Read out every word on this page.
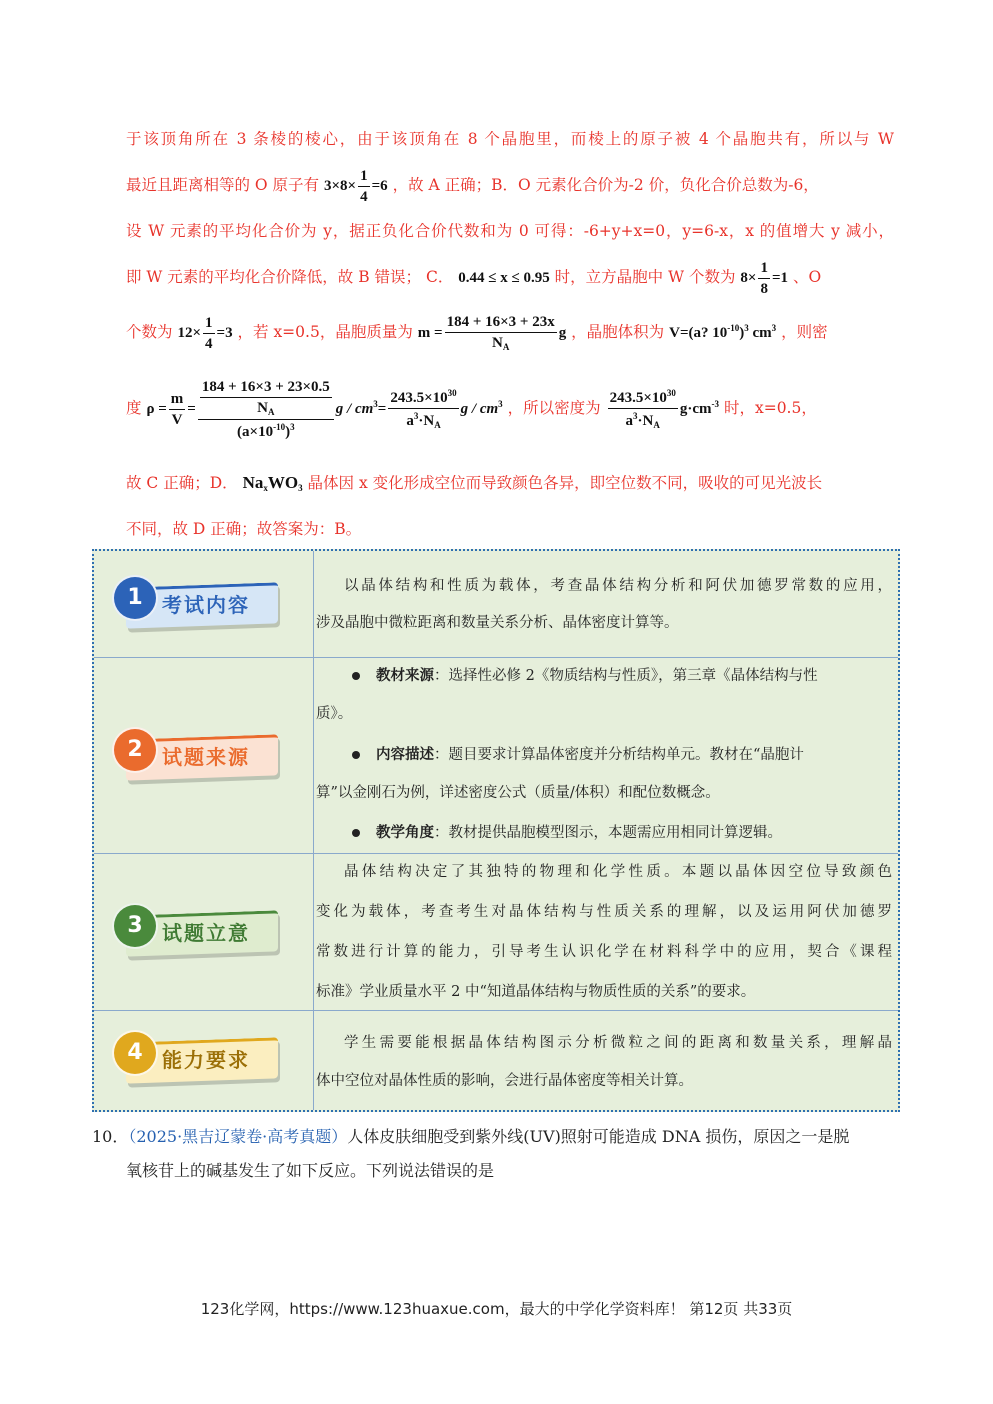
于该顶角所在 3 条棱的棱心，由于该顶角在 8 个晶胞里，而棱上的原子被 4 个晶胞共有，所以与 W
最近且距离相等的 O 原子有 $3\times 8\times \frac{1}{4} =6$ ，故 A 正确；B．O 元素化合价为-2 价，负化合价总数为-6，
设 W 元素的平均化合价为 y，据正负化合价代数和为 0 可得：-6+y+x=0，y=6-x，x 的值增大 y 减小，
即 W 元素的平均化合价降低，故 B 错误； C． 0.44 ≤ x ≤ 0.95 时，立方晶胞中 W 个数为 $8\times \frac{1}{8} =1$ 、O
个数为 $12\times \frac{1}{4} =3$ ，若 x=0.5，晶胞质量为 $m = \frac{184 + 16\times 3 + 23x}{N_A}$ g ，晶胞体积为 V=(a? $10^{-10})^3$ $cm^3$ ，则密
度 $\rho = \frac{m}{V} = \frac{\frac{184 + 16\times 3 + 23\times 0.5}{N_A}}{(a\times 10^{-10})^3}$ $g / cm^3= \frac{243.5\times 10^{30}}{a^3\cdot N_A}$ g / $cm^3$ ，所以密度为 $\frac{243.5\times 10^{30}}{a^3\cdot N_A} g\cdot cm^{-3}$ 时，x=0.5，
故 C 正确；D． $Na_xWO_3$ 晶体因 x 变化形成空位而导致颜色各异，即空位数不同，吸收的可见光波长
不同，故 D 正确；故答案为：B。
1 考试内容
以晶体结构和性质为载体，考查晶体结构分析和阿伏加德罗常数的应用，
涉及晶胞中微粒距离和数量关系分析、晶体密度计算等。
2 试题来源
教材来源：选择性必修 2《物质结构与性质》，第三章《晶体结构与性
质》。
内容描述：题目要求计算晶体密度并分析结构单元。教材在“晶胞计
算”以金刚石为例，详述密度公式（质量/体积）和配位数概念。
教学角度：教材提供晶胞模型图示，本题需应用相同计算逻辑。
3 试题立意
晶体结构决定了其独特的物理和化学性质。本题以晶体因空位导致颜色
变化为载体，考查考生对晶体结构与性质关系的理解，以及运用阿伏加德罗
常数进行计算的能力，引导考生认识化学在材料科学中的应用，契合《课程
标准》学业质量水平 2 中“知道晶体结构与物质性质的关系”的要求。
4 能力要求
学生需要能根据晶体结构图示分析微粒之间的距离和数量关系，理解晶
体中空位对晶体性质的影响，会进行晶体密度等相关计算。
10．（2025·黑吉辽蒙卷·高考真题）人体皮肤细胞受到紫外线(UV)照射可能造成 DNA 损伤，原因之一是脱
氧核苷上的碱基发生了如下反应。下列说法错误的是
123化学网，https://www.123huaxue.com，最大的中学化学资料库！ 第12页 共33页
